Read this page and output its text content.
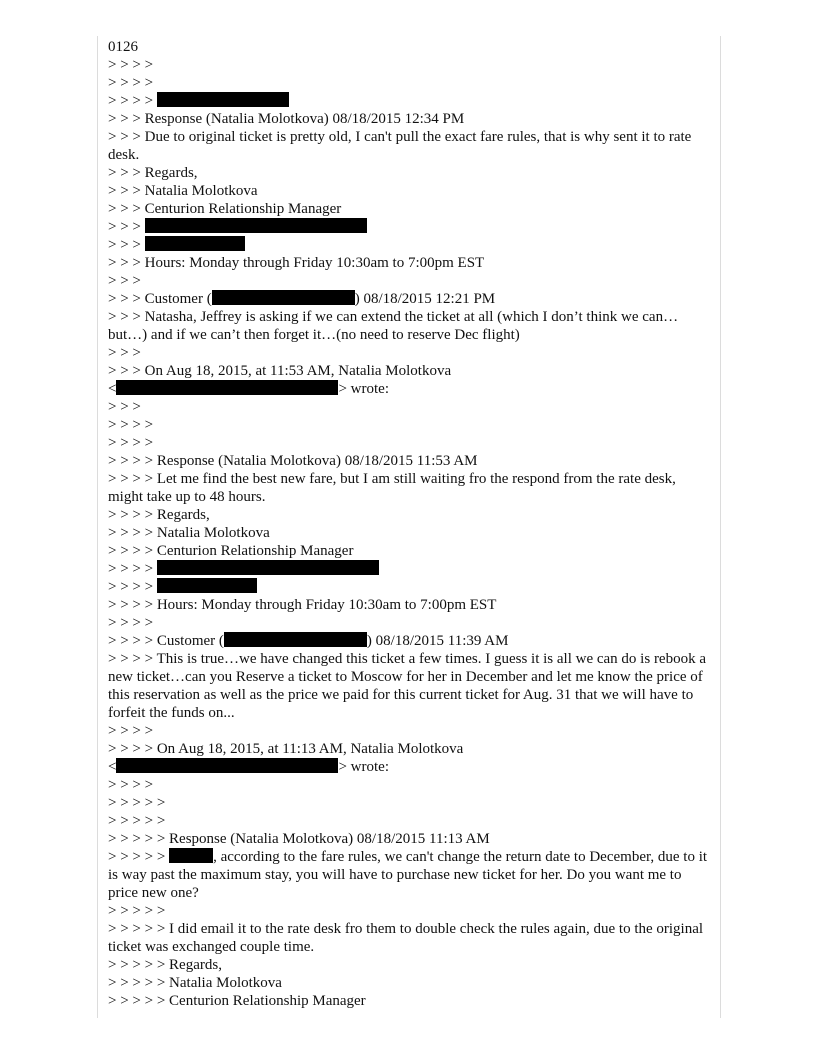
0126
> > > >
> > > >
> > > >
> > > Response (Natalia Molotkova) 08/18/2015 12:34 PM
> > > Due to original ticket is pretty old, I can't pull the exact fare rules, that is why sent it to rate desk.
> > > Regards,
> > > Natalia Molotkova
> > > Centurion Relationship Manager
> > >
> > >
> > > Hours: Monday through Friday 10:30am to 7:00pm EST
> > >
> > > Customer (	) 08/18/2015 12:21 PM
> > > Natasha, Jeffrey is asking if we can extend the ticket at all (which I don’t think we can…but…) and if we can’t then forget it…(no need to reserve Dec flight)
> > >
> > > On Aug 18, 2015, at 11:53 AM, Natalia Molotkova
<	> wrote:
> > >
> > > >
> > > >
> > > > Response (Natalia Molotkova) 08/18/2015 11:53 AM
> > > > Let me find the best new fare, but I am still waiting fro the respond from the rate desk, might take up to 48 hours.
> > > > Regards,
> > > > Natalia Molotkova
> > > > Centurion Relationship Manager
> > > >
> > > >
> > > > Hours: Monday through Friday 10:30am to 7:00pm EST
> > > >
> > > > Customer (	) 08/18/2015 11:39 AM
> > > > This is true…we have changed this ticket a few times. I guess it is all we can do is rebook a new ticket…can you Reserve a ticket to Moscow for her in December and let me know the price of this reservation as well as the price we paid for this current ticket for Aug. 31 that we will have to forfeit the funds on...
> > > >
> > > > On Aug 18, 2015, at 11:13 AM, Natalia Molotkova
<	> wrote:
> > > >
> > > > >
> > > > >
> > > > > Response (Natalia Molotkova) 08/18/2015 11:13 AM
> > > > >	, according to the fare rules, we can't change the return date to December, due to it is way past the maximum stay, you will have to purchase new ticket for her. Do you want me to price new one?
> > > > >
> > > > > I did email it to the rate desk fro them to double check the rules again, due to the original ticket was exchanged couple time.
> > > > > Regards,
> > > > > Natalia Molotkova
> > > > > Centurion Relationship Manager
